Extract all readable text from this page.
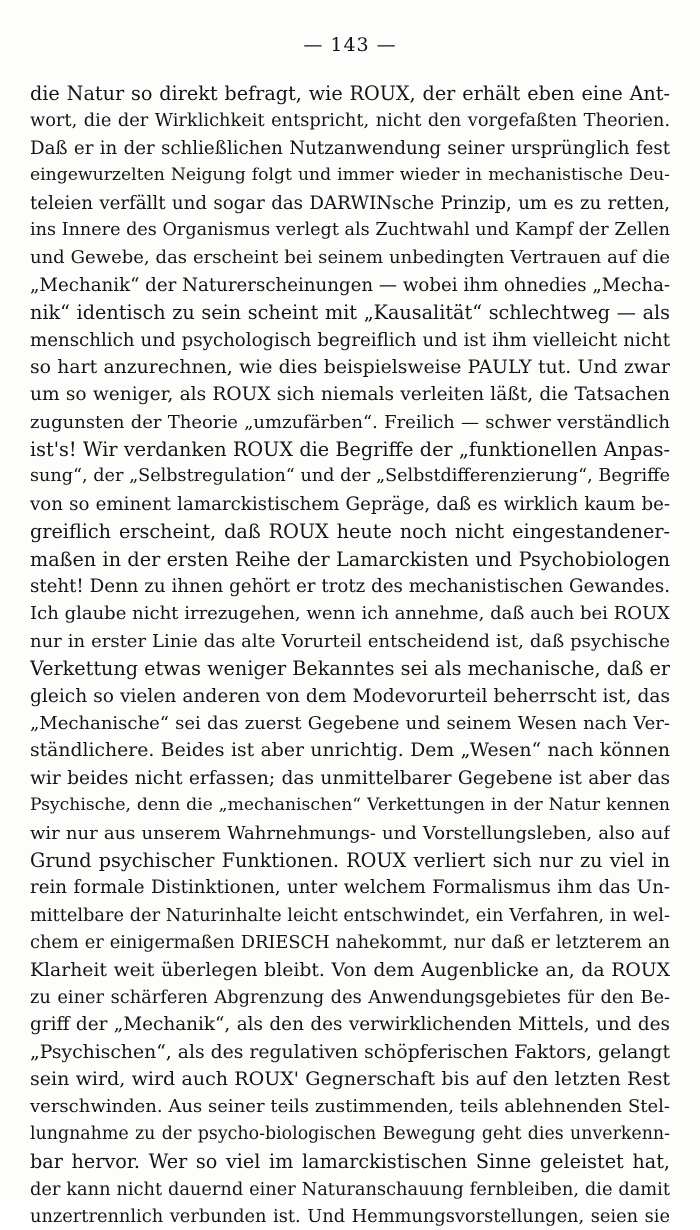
— 143 —
die Natur so direkt befragt, wie ROUX, der erhält eben eine Ant-
wort, die der Wirklichkeit entspricht, nicht den vorgefaßten Theorien.
Daß er in der schließlichen Nutzanwendung seiner ursprünglich fest
eingewurzelten Neigung folgt und immer wieder in mechanistische Deu-
teleien verfällt und sogar das DARWINsche Prinzip, um es zu retten,
ins Innere des Organismus verlegt als Zuchtwahl und Kampf der Zellen
und Gewebe, das erscheint bei seinem unbedingten Vertrauen auf die
„Mechanik“ der Naturerscheinungen — wobei ihm ohnedies „Mecha-
nik“ identisch zu sein scheint mit „Kausalität“ schlechtweg — als
menschlich und psychologisch begreiflich und ist ihm vielleicht nicht
so hart anzurechnen, wie dies beispielsweise PAULY tut. Und zwar
um so weniger, als ROUX sich niemals verleiten läßt, die Tatsachen
zugunsten der Theorie „umzufärben“. Freilich — schwer verständlich
ist's! Wir verdanken ROUX die Begriffe der „funktionellen Anpas-
sung“, der „Selbstregulation“ und der „Selbstdifferenzierung“, Begriffe
von so eminent lamarckistischem Gepräge, daß es wirklich kaum be-
greiflich erscheint, daß ROUX heute noch nicht eingestandener-
maßen in der ersten Reihe der Lamarckisten und Psychobiologen
steht! Denn zu ihnen gehört er trotz des mechanistischen Gewandes.
Ich glaube nicht irrezugehen, wenn ich annehme, daß auch bei ROUX
nur in erster Linie das alte Vorurteil entscheidend ist, daß psychische
Verkettung etwas weniger Bekanntes sei als mechanische, daß er
gleich so vielen anderen von dem Modevorurteil beherrscht ist, das
„Mechanische“ sei das zuerst Gegebene und seinem Wesen nach Ver-
ständlichere. Beides ist aber unrichtig. Dem „Wesen“ nach können
wir beides nicht erfassen; das unmittelbarer Gegebene ist aber das
Psychische, denn die „mechanischen“ Verkettungen in der Natur kennen
wir nur aus unserem Wahrnehmungs- und Vorstellungsleben, also auf
Grund psychischer Funktionen. ROUX verliert sich nur zu viel in
rein formale Distinktionen, unter welchem Formalismus ihm das Un-
mittelbare der Naturinhalte leicht entschwindet, ein Verfahren, in wel-
chem er einigermaßen DRIESCH nahekommt, nur daß er letzterem an
Klarheit weit überlegen bleibt. Von dem Augenblicke an, da ROUX
zu einer schärferen Abgrenzung des Anwendungsgebietes für den Be-
griff der „Mechanik“, als den des verwirklichenden Mittels, und des
„Psychischen“, als des regulativen schöpferischen Faktors, gelangt
sein wird, wird auch ROUX' Gegnerschaft bis auf den letzten Rest
verschwinden. Aus seiner teils zustimmenden, teils ablehnenden Stel-
lungnahme zu der psycho-biologischen Bewegung geht dies unverkenn-
bar hervor. Wer so viel im lamarckistischen Sinne geleistet hat,
der kann nicht dauernd einer Naturanschauung fernbleiben, die damit
unzertrennlich verbunden ist. Und Hemmungsvorstellungen, seien sie
